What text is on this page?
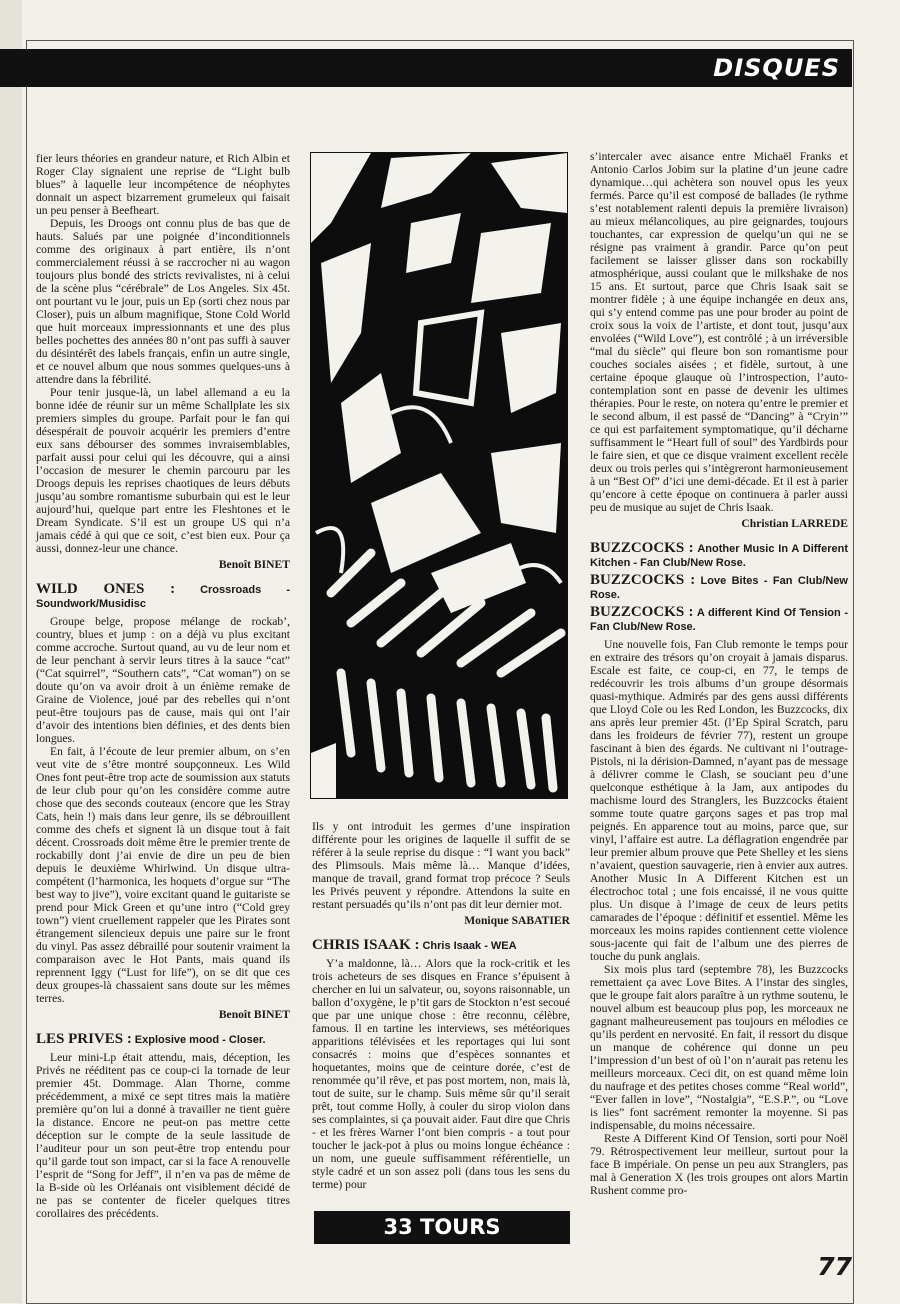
DISQUES

fier leurs théories en grandeur nature, et Rich Albin et Roger Clay signaient une reprise de “Light bulb blues” à laquelle leur incompétence de néophytes donnait un aspect bizarrement grumeleux qui faisait un peu penser à Beefheart.

Depuis, les Droogs ont connu plus de bas que de hauts. Salués par une poignée d’inconditionnels comme des originaux à part entière, ils n’ont commercialement réussi à se raccrocher ni au wagon toujours plus bondé des stricts revivalistes, ni à celui de la scène plus “cérébrale” de Los Angeles. Six 45t. ont pourtant vu le jour, puis un Ep (sorti chez nous par Closer), puis un album magnifique, Stone Cold World que huit morceaux impressionnants et une des plus belles pochettes des années 80 n’ont pas suffi à sauver du désintérêt des labels français, enfin un autre single, et ce nouvel album que nous sommes quelques-uns à attendre dans la fébrilité.

Pour tenir jusque-là, un label allemand a eu la bonne idée de réunir sur un même Schallplate les six premiers simples du groupe. Parfait pour le fan qui désespérait de pouvoir acquérir les premiers d’entre eux sans débourser des sommes invraisemblables, parfait aussi pour celui qui les découvre, qui a ainsi l’occasion de mesurer le chemin parcouru par les Droogs depuis les reprises chaotiques de leurs débuts jusqu’au sombre romantisme suburbain qui est le leur aujourd’hui, quelque part entre les Fleshtones et le Dream Syndicate. S’il est un groupe US qui n’a jamais cédé à qui que ce soit, c’est bien eux. Pour ça aussi, donnez-leur une chance.

Benoît BINET

WILD ONES : Crossroads - Soundwork/Musidisc

Groupe belge, propose mélange de rockab’, country, blues et jump : on a déjà vu plus excitant comme accroche. Surtout quand, au vu de leur nom et de leur penchant à servir leurs titres à la sauce “cat” (“Cat squirrel”, “Southern cats”, “Cat woman”) on se doute qu’on va avoir droit à un énième remake de Graine de Violence, joué par des rebelles qui n’ont peut-être toujours pas de cause, mais qui ont l’air d’avoir des intentions bien définies, et des dents bien longues.

En fait, à l’écoute de leur premier album, on s’en veut vite de s’être montré soupçonneux. Les Wild Ones font peut-être trop acte de soumission aux statuts de leur club pour qu’on les considère comme autre chose que des seconds couteaux (encore que les Stray Cats, hein !) mais dans leur genre, ils se débrouillent comme des chefs et signent là un disque tout à fait décent. Crossroads doit même être le premier trente de rockabilly dont j’ai envie de dire un peu de bien depuis le deuxième Whirlwind. Un disque ultra-compétent (l’harmonica, les hoquets d’orgue sur “The best way to jive”), voire excitant quand le guitariste se prend pour Mick Green et qu’une intro (“Cold grey town”) vient cruellement rappeler que les Pirates sont étrangement silencieux depuis une paire sur le front du vinyl. Pas assez débraillé pour soutenir vraiment la comparaison avec le Hot Pants, mais quand ils reprennent Iggy (“Lust for life”), on se dit que ces deux groupes-là chassaient sans doute sur les mêmes terres.

Benoît BINET

LES PRIVES : Explosive mood - Closer.

Leur mini-Lp était attendu, mais, déception, les Privés ne rééditent pas ce coup-ci la tornade de leur premier 45t. Dommage. Alan Thorne, comme précédemment, a mixé ce sept titres mais la matière première qu’on lui a donné à travailler ne tient guère la distance. Encore ne peut-on pas mettre cette déception sur le compte de la seule lassitude de l’auditeur pour un son peut-être trop entendu pour qu’il garde tout son impact, car si la face A renouvelle l’esprit de “Song for Jeff”, il n’en va pas de même de la B-side où les Orléanais ont visiblement décidé de ne pas se contenter de ficeler quelques titres corollaires des précédents.

Ils y ont introduit les germes d’une inspiration différente pour les origines de laquelle il suffit de se référer à la seule reprise du disque : “I want you back” des Plimsouls. Mais même là… Manque d’idées, manque de travail, grand format trop précoce ? Seuls les Privés peuvent y répondre. Attendons la suite en restant persuadés qu’ils n’ont pas dit leur dernier mot.

Monique SABATIER

CHRIS ISAAK : Chris Isaak - WEA

Y’a maldonne, là… Alors que la rock-critik et les trois acheteurs de ses disques en France s’épuisent à chercher en lui un salvateur, ou, soyons raisonnable, un ballon d’oxygène, le p’tit gars de Stockton n’est secoué que par une unique chose : être reconnu, célèbre, famous. Il en tartine les interviews, ses météoriques apparitions télévisées et les reportages qui lui sont consacrés : moins que d’espèces sonnantes et hoquetantes, moins que de ceinture dorée, c’est de renommée qu’il rêve, et pas post mortem, non, mais là, tout de suite, sur le champ. Suis même sûr qu’il serait prêt, tout comme Holly, à couler du sirop violon dans ses complaintes, si ça pouvait aider. Faut dire que Chris - et les frères Warner l’ont bien compris - a tout pour toucher le jack-pot à plus ou moins longue échéance : un nom, une gueule suffisamment référentielle, un style cadré et un son assez poli (dans tous les sens du terme) pour

33 TOURS

s’intercaler avec aisance entre Michaël Franks et Antonio Carlos Jobim sur la platine d’un jeune cadre dynamique…qui achètera son nouvel opus les yeux fermés. Parce qu’il est composé de ballades (le rythme s’est notablement ralenti depuis la première livraison) au mieux mélancoliques, au pire geignardes, toujours touchantes, car expression de quelqu’un qui ne se résigne pas vraiment à grandir. Parce qu’on peut facilement se laisser glisser dans son rockabilly atmosphérique, aussi coulant que le milkshake de nos 15 ans. Et surtout, parce que Chris Isaak sait se montrer fidèle ; à une équipe inchangée en deux ans, qui s’y entend comme pas une pour broder au point de croix sous la voix de l’artiste, et dont tout, jusqu’aux envolées (“Wild Love”), est contrôlé ; à un irréversible “mal du siècle” qui fleure bon son romantisme pour couches sociales aisées ; et fidèle, surtout, à une certaine époque glauque où l’introspection, l’auto-contemplation sont en passe de devenir les ultimes thérapies. Pour le reste, on notera qu’entre le premier et le second album, il est passé de “Dancing” à “Cryin’” ce qui est parfaitement symptomatique, qu’il décharne suffisamment le “Heart full of soul” des Yardbirds pour le faire sien, et que ce disque vraiment excellent recèle deux ou trois perles qui s’intègreront harmonieusement à un “Best Of” d’ici une demi-décade. Et il est à parier qu’encore à cette époque on continuera à parler aussi peu de musique au sujet de Chris Isaak.

Christian LARREDE

BUZZCOCKS : Another Music In A Different Kitchen - Fan Club/New Rose.
BUZZCOCKS : Love Bites - Fan Club/New Rose.
BUZZCOCKS : A different Kind Of Tension - Fan Club/New Rose.

Une nouvelle fois, Fan Club remonte le temps pour en extraire des trésors qu’on croyait à jamais disparus. Escale est faite, ce coup-ci, en 77, le temps de redécouvrir les trois albums d’un groupe désormais quasi-mythique. Admirés par des gens aussi différents que Lloyd Cole ou les Red London, les Buzzcocks, dix ans après leur premier 45t. (l’Ep Spiral Scratch, paru dans les froideurs de février 77), restent un groupe fascinant à bien des égards. Ne cultivant ni l’outrage-Pistols, ni la dérision-Damned, n’ayant pas de message à délivrer comme le Clash, se souciant peu d’une quelconque esthétique à la Jam, aux antipodes du machisme lourd des Stranglers, les Buzzcocks étaient somme toute quatre garçons sages et pas trop mal peignés. En apparence tout au moins, parce que, sur vinyl, l’affaire est autre. La déflagration engendrée par leur premier album prouve que Pete Shelley et les siens n’avaient, question sauvagerie, rien à envier aux autres. Another Music In A Different Kitchen est un électrochoc total ; une fois encaissé, il ne vous quitte plus. Un disque à l’image de ceux de leurs petits camarades de l’époque : définitif et essentiel. Même les morceaux les moins rapides contiennent cette violence sous-jacente qui fait de l’album une des pierres de touche du punk anglais.

Six mois plus tard (septembre 78), les Buzzcocks remettaient ça avec Love Bites. A l’instar des singles, que le groupe fait alors paraître à un rythme soutenu, le nouvel album est beaucoup plus pop, les morceaux ne gagnant malheureusement pas toujours en mélodies ce qu’ils perdent en nervosité. En fait, il ressort du disque un manque de cohérence qui donne un peu l’impression d’un best of où l’on n’aurait pas retenu les meilleurs morceaux. Ceci dit, on est quand même loin du naufrage et des petites choses comme “Real world”, “Ever fallen in love”, “Nostalgia”, “E.S.P.”, ou “Love is lies” font sacrément remonter la moyenne. Si pas indispensable, du moins nécessaire.

Reste A Different Kind Of Tension, sorti pour Noël 79. Rétrospectivement leur meilleur, surtout pour la face B impériale. On pense un peu aux Stranglers, pas mal à Generation X (les trois groupes ont alors Martin Rushent comme pro-

77
